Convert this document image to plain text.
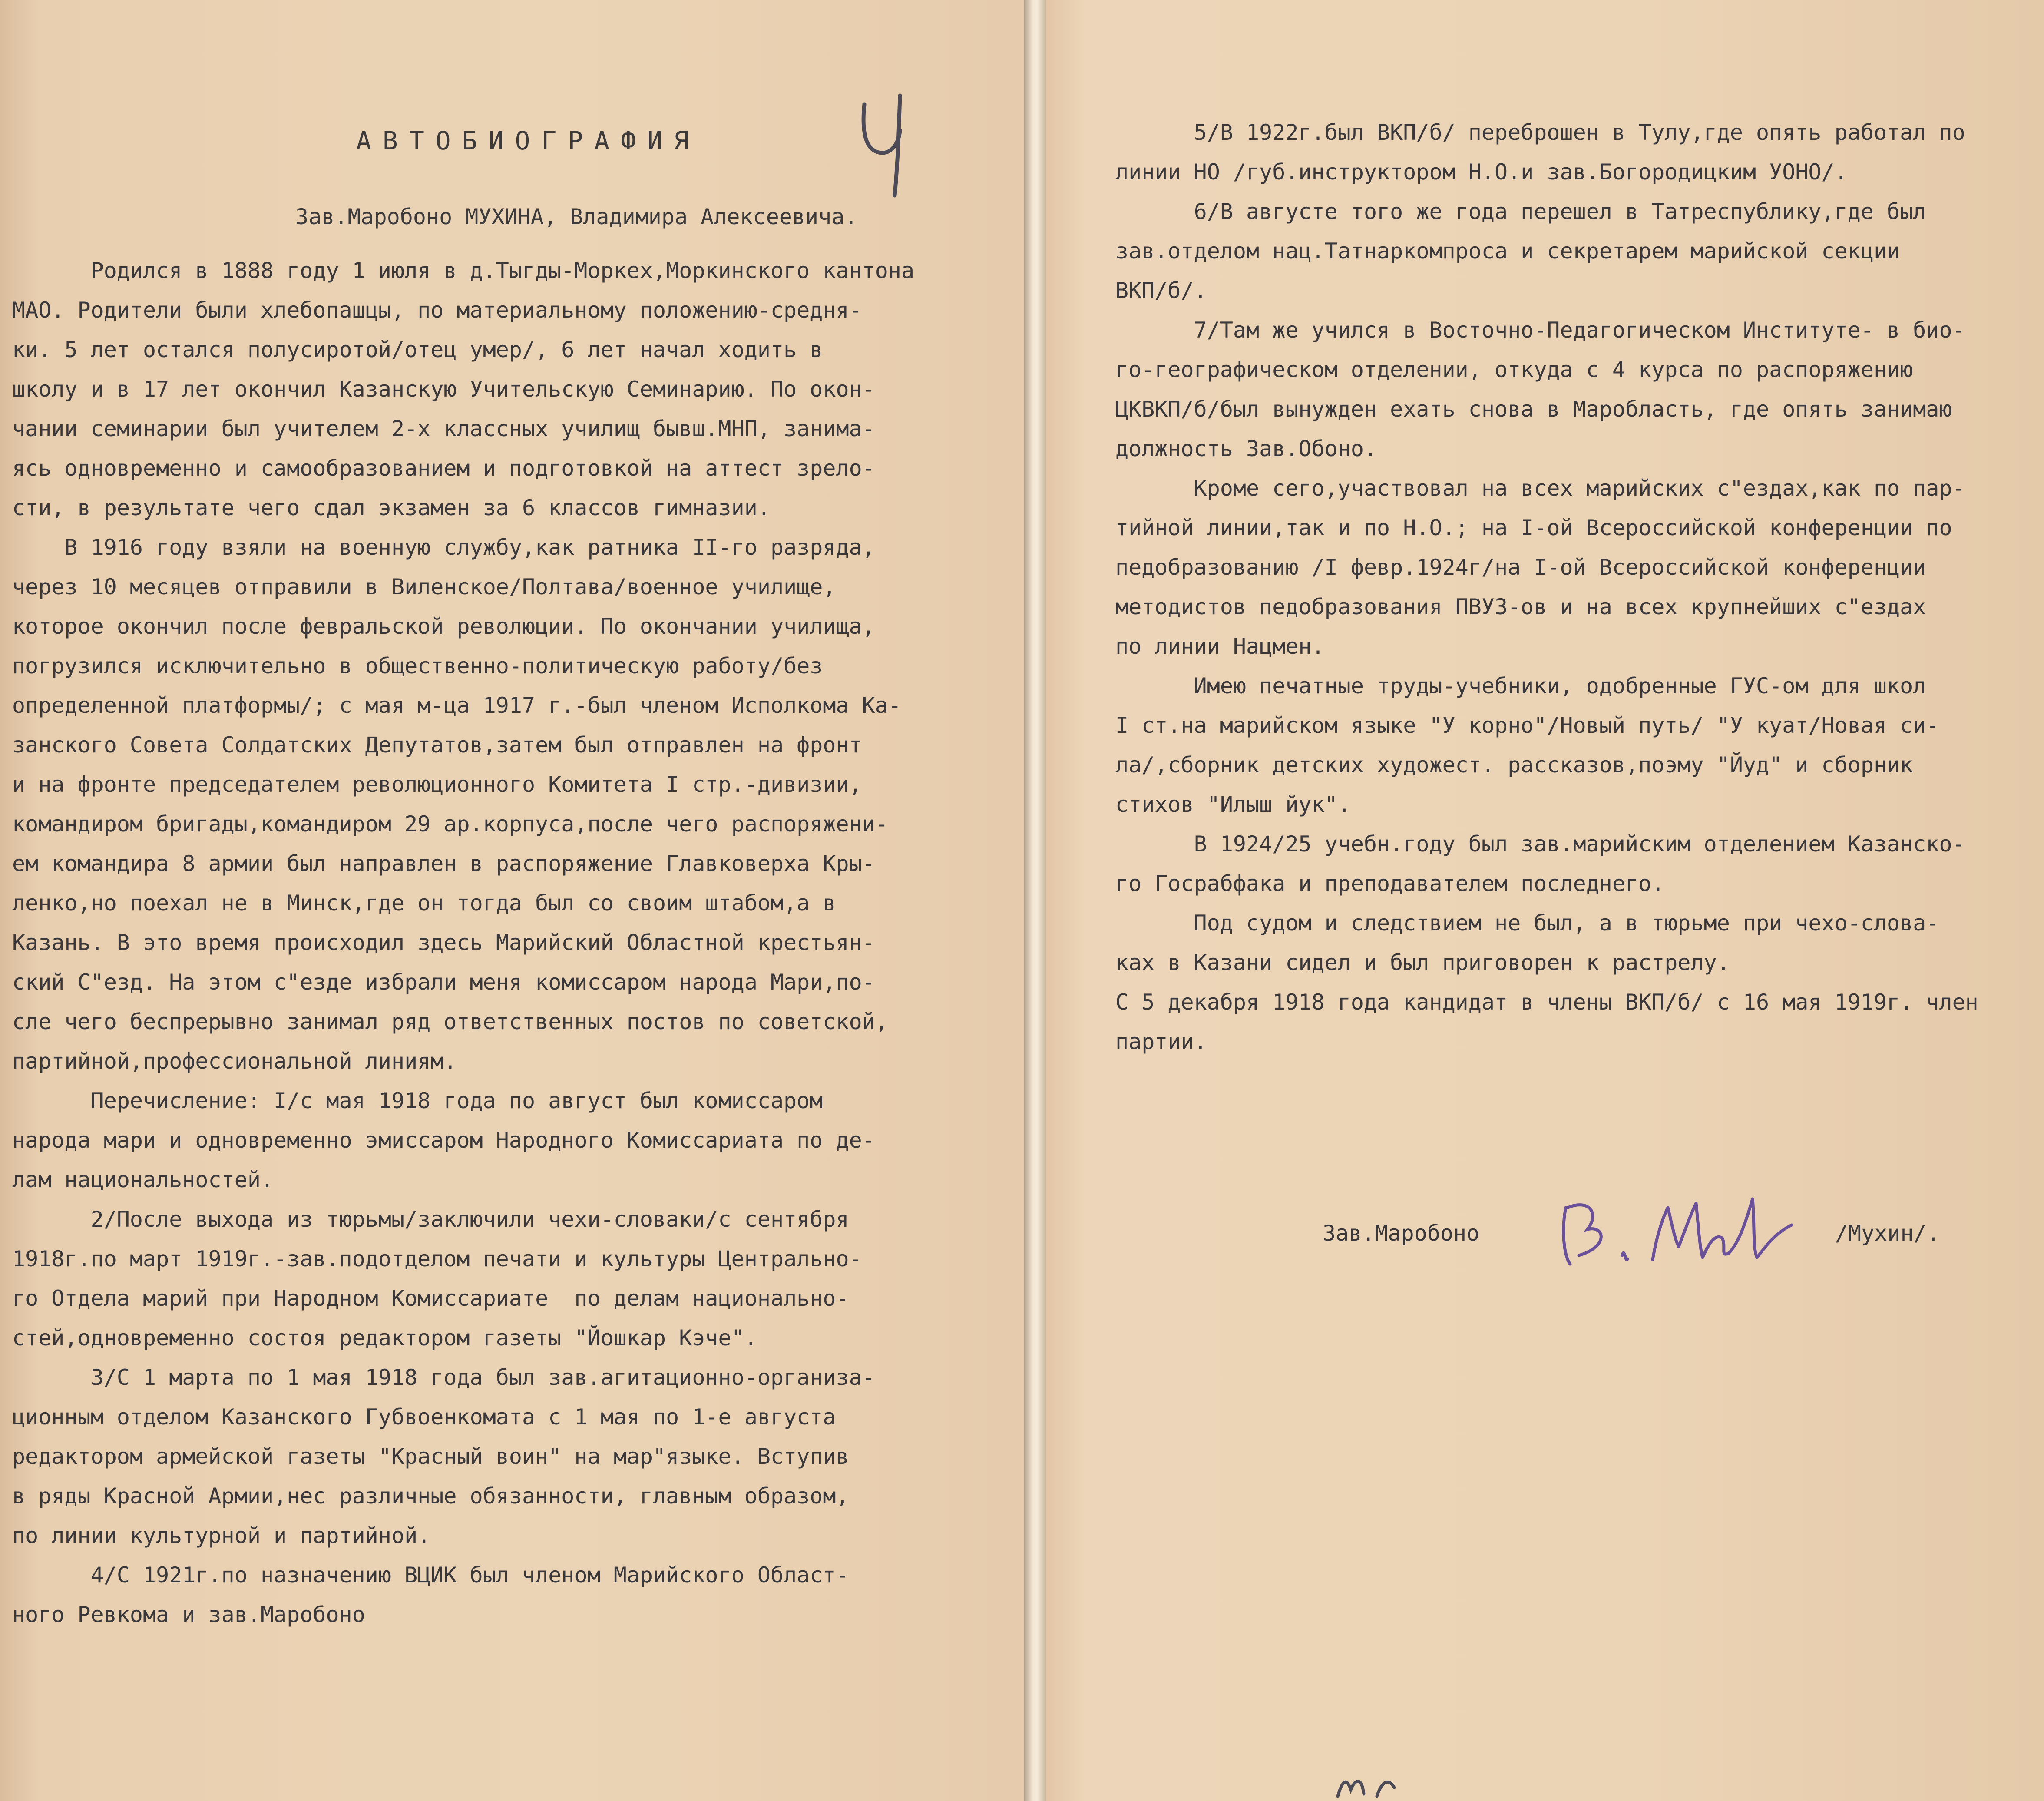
АВТОБИОГРАФИЯ
Зав.Маробоно МУХИНА, Владимира Алексеевича.
Родился в 1888 году 1 июля в д.Тыгды-Моркех,Моркинского кантона
МАО. Родители были хлебопашцы, по материальному положению-средня-
ки. 5 лет остался полусиротой/отец умер/, 6 лет начал ходить в
школу и в 17 лет окончил Казанскую Учительскую Семинарию. По окон-
чании семинарии был учителем 2-х классных училищ бывш.МНП, занима-
ясь одновременно и самообразованием и подготовкой на аттест зрело-
сти, в результате чего сдал экзамен за 6 классов гимназии.
В 1916 году взяли на военную службу,как ратника II-го разряда,
через 10 месяцев отправили в Виленское/Полтава/военное училище,
которое окончил после февральской революции. По окончании училища,
погрузился исключительно в общественно-политическую работу/без
определенной платформы/; с мая м-ца 1917 г.-был членом Исполкома Ка-
занского Совета Солдатских Депутатов,затем был отправлен на фронт
и на фронте председателем революционного Комитета I стр.-дивизии,
командиром бригады,командиром 29 ар.корпуса,после чего распоряжени-
ем командира 8 армии был направлен в распоряжение Главковерха Кры-
ленко,но поехал не в Минск,где он тогда был со своим штабом,а в
Казань. В это время происходил здесь Марийский Областной крестьян-
ский С"езд. На этом с"езде избрали меня комиссаром народа Мари,по-
сле чего беспрерывно занимал ряд ответственных постов по советской,
партийной,профессиональной линиям.
Перечисление: I/с мая 1918 года по август был комиссаром
народа мари и одновременно эмиссаром Народного Комиссариата по де-
лам национальностей.
2/После выхода из тюрьмы/заключили чехи-словаки/с сентября
1918г.по март 1919г.-зав.подотделом печати и культуры Центрально-
го Отдела марий при Народном Комиссариате  по делам национально-
стей,одновременно состоя редактором газеты "Йошкар Кэче".
3/С 1 марта по 1 мая 1918 года был зав.агитационно-организа-
ционным отделом Казанского Губвоенкомата с 1 мая по 1-е августа
редактором армейской газеты "Красный воин" на мар"языке. Вступив
в ряды Красной Армии,нес различные обязанности, главным образом,
по линии культурной и партийной.
4/С 1921г.по назначению ВЦИК был членом Марийского Област-
ного Ревкома и зав.Маробоно
5/В 1922г.был ВКП/б/ переброшен в Тулу,где опять работал по
линии НО /губ.инструктором Н.О.и зав.Богородицким УОНО/.
6/В августе того же года перешел в Татреспублику,где был
зав.отделом нац.Татнаркомпроса и секретарем марийской секции
ВКП/б/.
7/Там же учился в Восточно-Педагогическом Институте- в био-
го-географическом отделении, откуда с 4 курса по распоряжению
ЦКВКП/б/был вынужден ехать снова в Маробласть, где опять занимаю
должность Зав.Обоно.
Кроме сего,участвовал на всех марийских с"ездах,как по пар-
тийной линии,так и по Н.О.; на I-ой Всероссийской конференции по
педобразованию /I февр.1924г/на I-ой Всероссийской конференции
методистов педобразования ПВУЗ-ов и на всех крупнейших с"ездах
по линии Нацмен.
Имею печатные труды-учебники, одобренные ГУС-ом для школ
I ст.на марийском языке "У корно"/Новый путь/ "У куат/Новая си-
ла/,сборник детских художест. рассказов,поэму "Йуд" и сборник
стихов "Илыш йук".
В 1924/25 учебн.году был зав.марийским отделением Казанско-
го Госрабфака и преподавателем последнего.
Под судом и следствием не был, а в тюрьме при чехо-слова-
ках в Казани сидел и был приговорен к растрелу.
С 5 декабря 1918 года кандидат в члены ВКП/б/ с 16 мая 1919г. член
партии.
Зав.Маробоно	/Мухин/.
